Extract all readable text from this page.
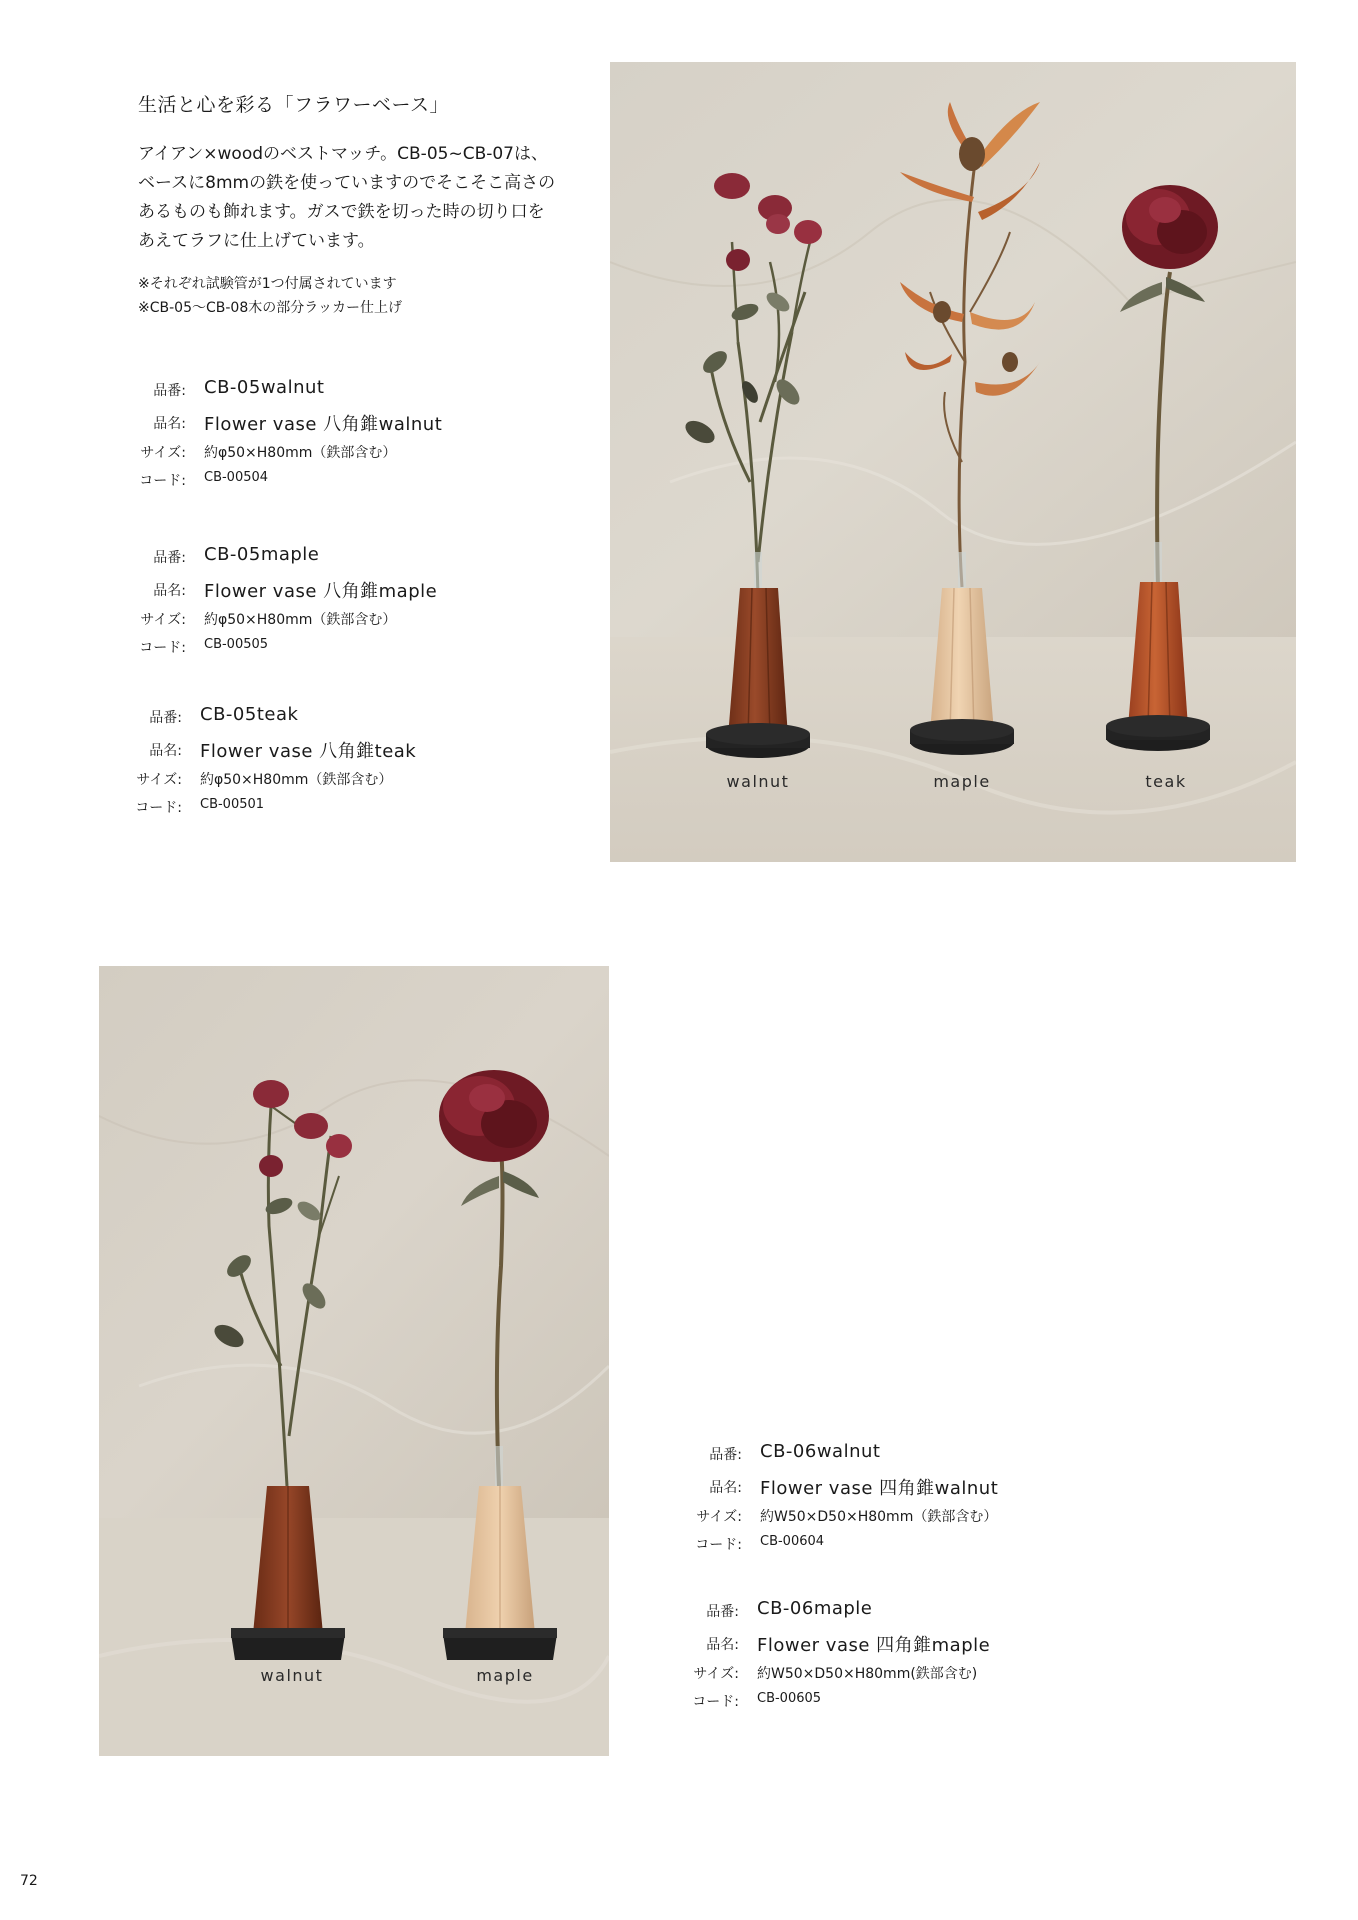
生活と心を彩る「フラワーベース」
アイアン×woodのベストマッチ。CB-05~CB-07は、
ベースに8mmの鉄を使っていますのでそこそこ高さの
あるものも飾れます。ガスで鉄を切った時の切り口を
あえてラフに仕上げています。
※それぞれ試験管が1つ付属されています
※CB-05〜CB-08木の部分ラッカー仕上げ
品番: CB-05walnut
品名: Flower vase 八角錐walnut
サイズ: 約φ50×H80mm（鉄部含む）
コード: CB-00504
品番: CB-05maple
品名: Flower vase 八角錐maple
サイズ: 約φ50×H80mm（鉄部含む）
コード: CB-00505
品番: CB-05teak
品名: Flower vase 八角錐teak
サイズ: 約φ50×H80mm（鉄部含む）
コード: CB-00501
walnut	maple	teak
walnut	maple
品番: CB-06walnut
品名: Flower vase 四角錐walnut
サイズ: 約W50×D50×H80mm（鉄部含む）
コード: CB-00604
品番: CB-06maple
品名: Flower vase 四角錐maple
サイズ: 約W50×D50×H80mm(鉄部含む)
コード: CB-00605
72
